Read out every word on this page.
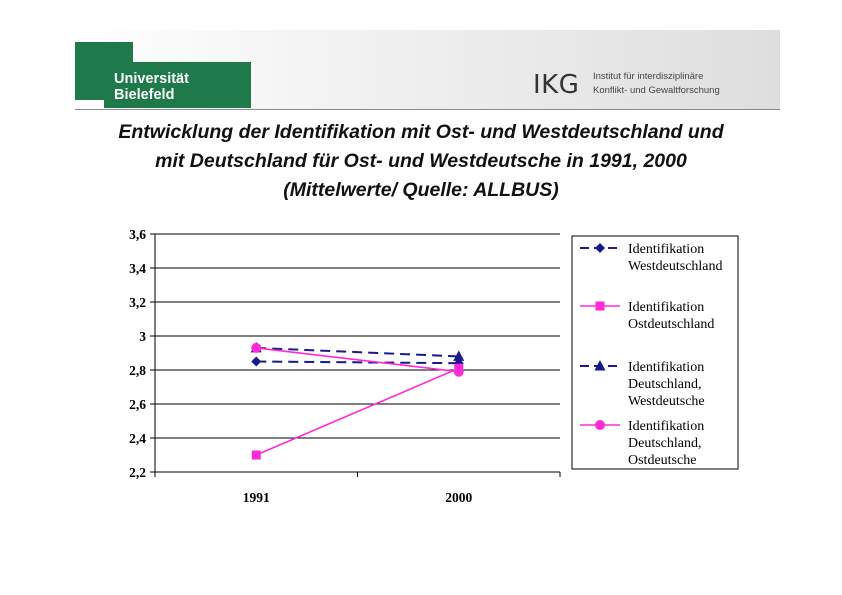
Universität Bielefeld	IKG Institut für interdisziplinäre
Konflikt- und Gewaltforschung
Entwicklung der Identifikation mit Ost- und Westdeutschland und
mit Deutschland für Ost- und Westdeutsche in 1991, 2000
(Mittelwerte/ Quelle: ALLBUS)
2,2
2,4
2,6
2,8
3
3,2
3,4
3,6
1991	2000
Identifikation
Westdeutschland
Identifikation
Ostdeutschland
Identifikation
Deutschland,
Westdeutsche
Identifikation
Deutschland,
Ostdeutsche
